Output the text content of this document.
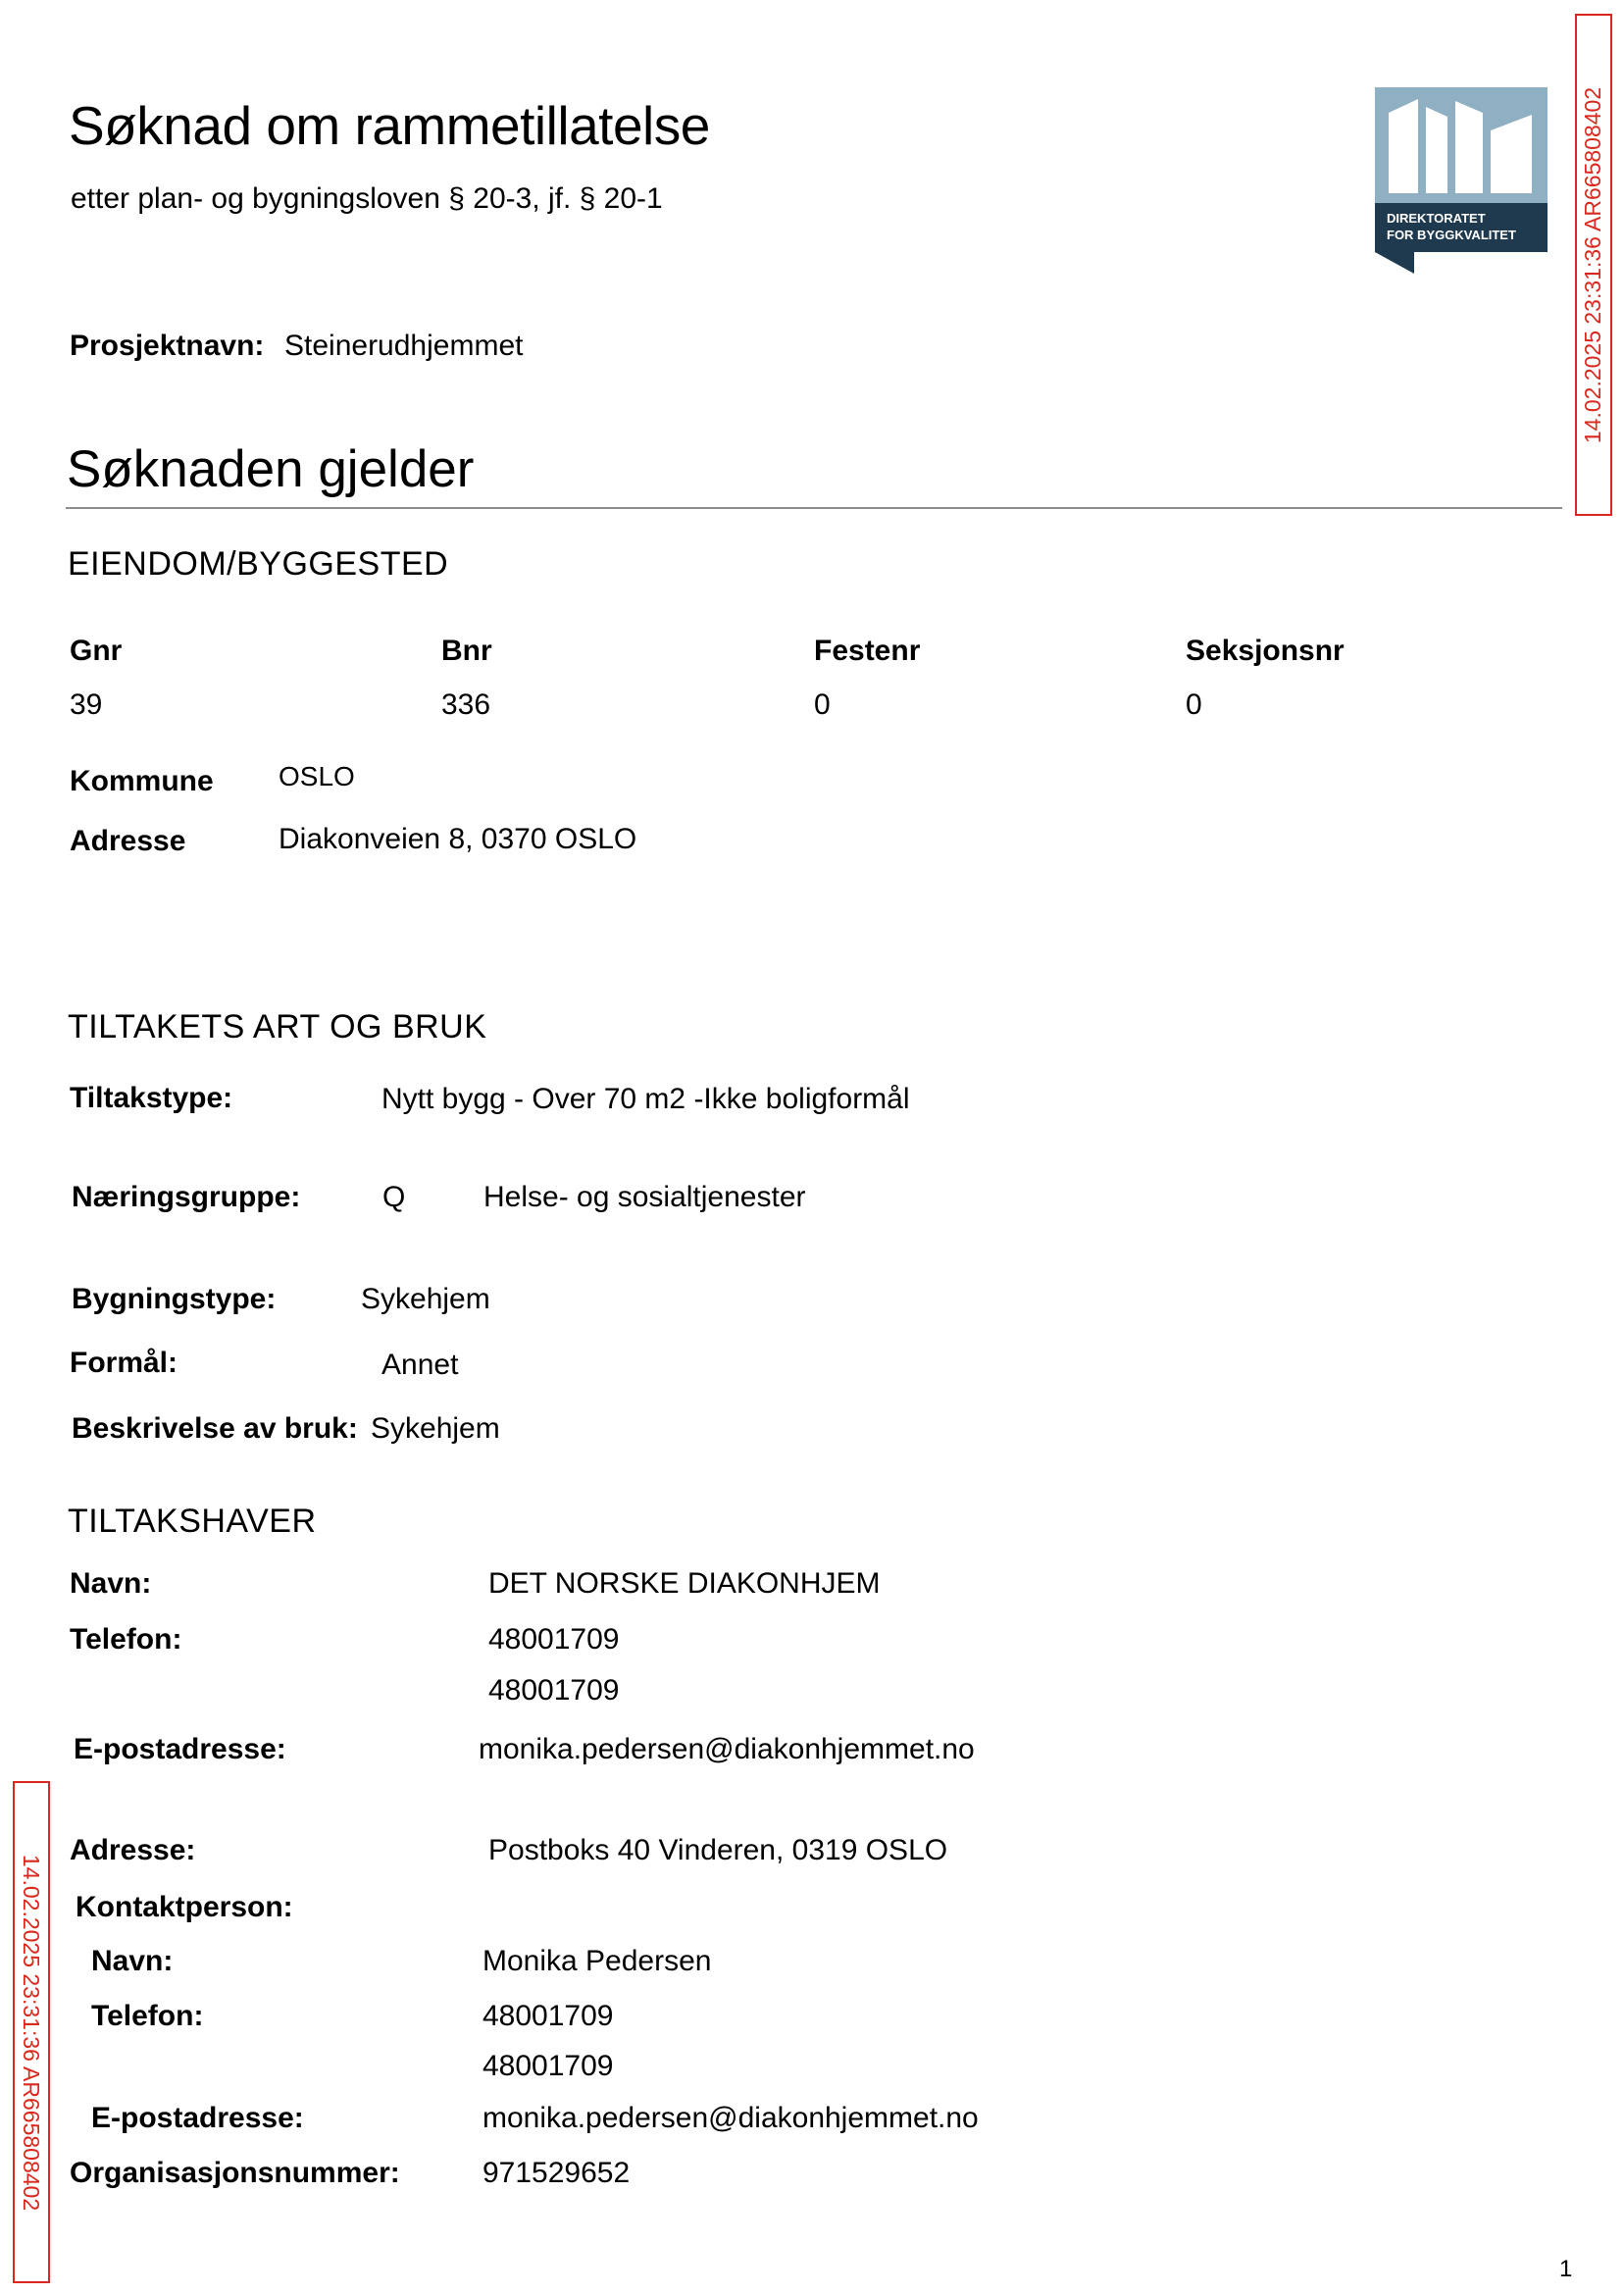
Søknad om rammetillatelse
etter plan- og bygningsloven § 20-3, jf. § 20-1
DIREKTORATET
FOR BYGGKVALITET	14.02.2025 23:31:36 AR665808402
14.02.2025 23:31:36 AR665808402
Prosjektnavn: Steinerudhjemmet
Søknaden gjelder
EIENDOM/BYGGESTED
Gnr	Bnr	Festenr	Seksjonsnr
39	336	0	0
Kommune OSLO
Adresse	Diakonveien 8, 0370 OSLO
TILTAKETS ART OG BRUK
Tiltakstype:	Nytt bygg - Over 70 m2 -Ikke boligformål
Næringsgruppe:	Q	Helse- og sosialtjenester
Bygningstype:	Sykehjem
Formål:	Annet
Beskrivelse av bruk: Sykehjem
TILTAKSHAVER
Navn:	DET NORSKE DIAKONHJEM
Telefon:	48001709
48001709
E-postadresse:	monika.pedersen@diakonhjemmet.no
Adresse:	Postboks 40 Vinderen, 0319 OSLO
Kontaktperson:
Navn:	Monika Pedersen
Telefon:	48001709
48001709
E-postadresse:	monika.pedersen@diakonhjemmet.no
Organisasjonsnummer:	971529652
1
